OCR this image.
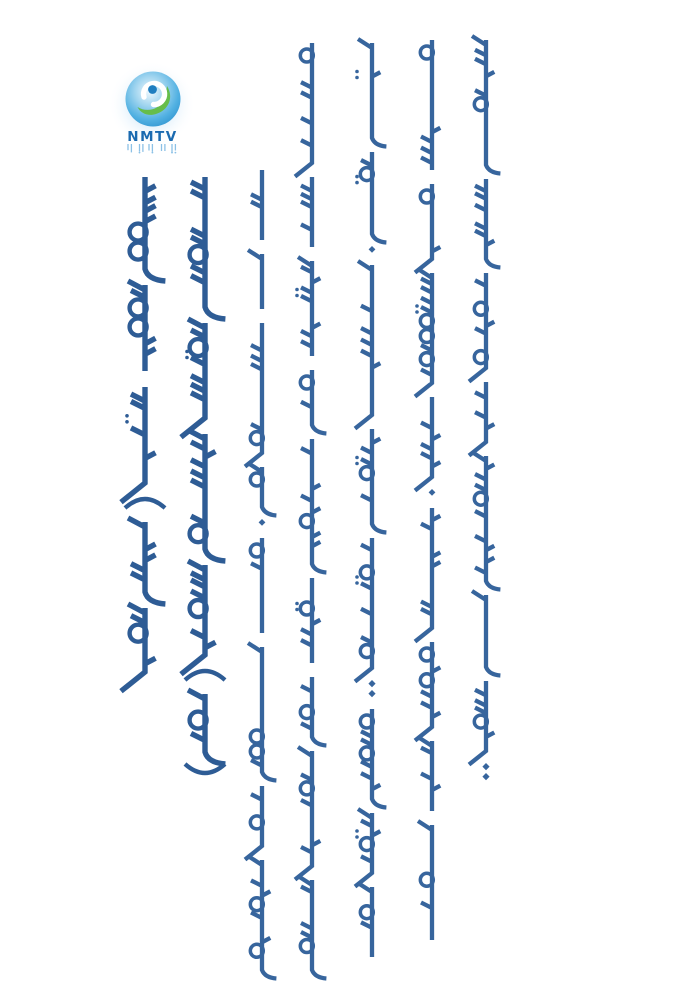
NMTV
